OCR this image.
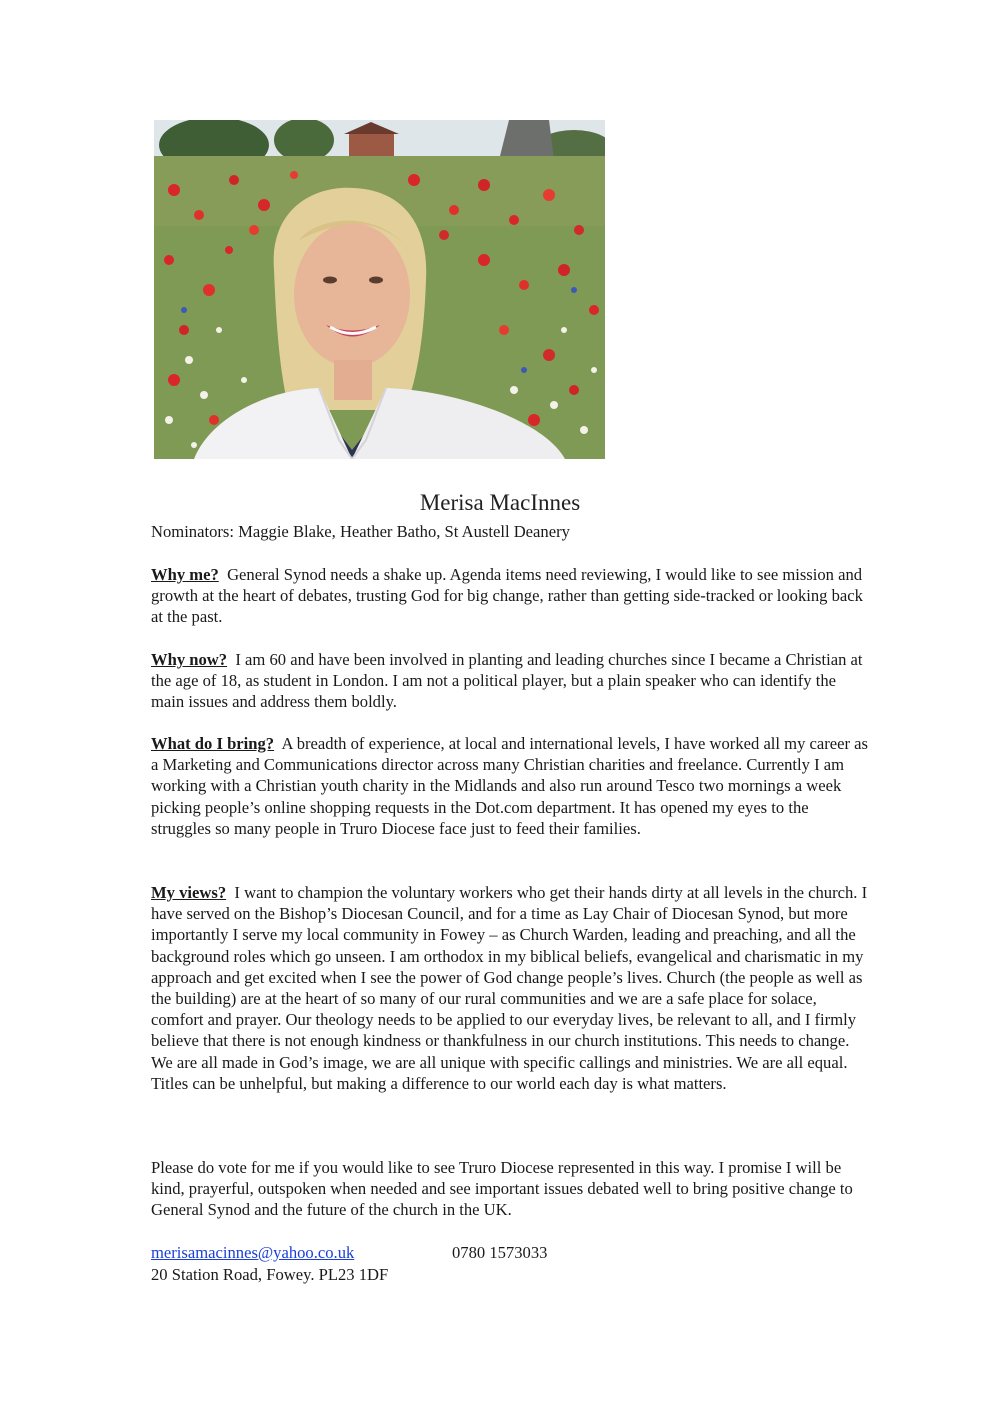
Merisa MacInnes
Nominators: Maggie Blake, Heather Batho, St Austell Deanery

Why me? General Synod needs a shake up. Agenda items need reviewing, I would like to see mission and growth at the heart of debates, trusting God for big change, rather than getting side-tracked or looking back at the past.

Why now? I am 60 and have been involved in planting and leading churches since I became a Christian at the age of 18, as student in London. I am not a political player, but a plain speaker who can identify the main issues and address them boldly.

What do I bring? A breadth of experience, at local and international levels, I have worked all my career as a Marketing and Communications director across many Christian charities and freelance. Currently I am working with a Christian youth charity in the Midlands and also run around Tesco two mornings a week picking people’s online shopping requests in the Dot.com department. It has opened my eyes to the struggles so many people in Truro Diocese face just to feed their families.

My views? I want to champion the voluntary workers who get their hands dirty at all levels in the church. I have served on the Bishop’s Diocesan Council, and for a time as Lay Chair of Diocesan Synod, but more importantly I serve my local community in Fowey – as Church Warden, leading and preaching, and all the background roles which go unseen. I am orthodox in my biblical beliefs, evangelical and charismatic in my approach and get excited when I see the power of God change people’s lives. Church (the people as well as the building) are at the heart of so many of our rural communities and we are a safe place for solace, comfort and prayer. Our theology needs to be applied to our everyday lives, be relevant to all, and I firmly believe that there is not enough kindness or thankfulness in our church institutions. This needs to change. We are all made in God’s image, we are all unique with specific callings and ministries. We are all equal. Titles can be unhelpful, but making a difference to our world each day is what matters.

Please do vote for me if you would like to see Truro Diocese represented in this way. I promise I will be kind, prayerful, outspoken when needed and see important issues debated well to bring positive change to General Synod and the future of the church in the UK.
merisamacinnes@yahoo.co.uk	0780 1573033
20 Station Road, Fowey. PL23 1DF
